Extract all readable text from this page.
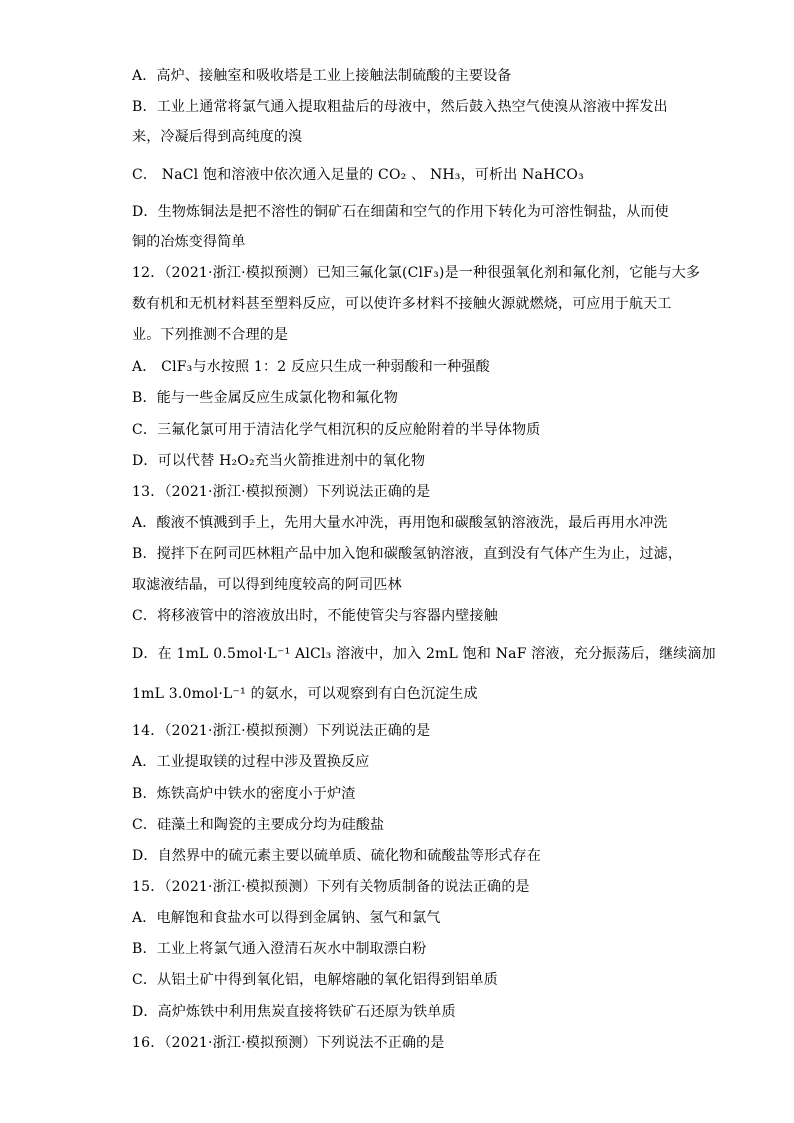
A．高炉、接触室和吸收塔是工业上接触法制硫酸的主要设备
B．工业上通常将氯气通入提取粗盐后的母液中，然后鼓入热空气使溴从溶液中挥发出
来，冷凝后得到高纯度的溴
C． NaCl 饱和溶液中依次通入足量的 CO₂ 、 NH₃，可析出 NaHCO₃
D．生物炼铜法是把不溶性的铜矿石在细菌和空气的作用下转化为可溶性铜盐，从而使
铜的冶炼变得简单
12．（2021·浙江·模拟预测）已知三氟化氯(ClF₃)是一种很强氧化剂和氟化剂，它能与大多
数有机和无机材料甚至塑料反应，可以使许多材料不接触火源就燃烧，可应用于航天工
业。下列推测不合理的是
A． ClF₃与水按照 1：2 反应只生成一种弱酸和一种强酸
B．能与一些金属反应生成氯化物和氟化物
C．三氟化氯可用于清洁化学气相沉积的反应舱附着的半导体物质
D．可以代替 H₂O₂充当火箭推进剂中的氧化物
13．（2021·浙江·模拟预测）下列说法正确的是
A．酸液不慎溅到手上，先用大量水冲洗，再用饱和碳酸氢钠溶液洗，最后再用水冲洗
B．搅拌下在阿司匹林粗产品中加入饱和碳酸氢钠溶液，直到没有气体产生为止，过滤，
取滤液结晶，可以得到纯度较高的阿司匹林
C．将移液管中的溶液放出时，不能使管尖与容器内壁接触
D．在 1mL 0.5mol·L⁻¹ AlCl₃ 溶液中，加入 2mL 饱和 NaF 溶液，充分振荡后，继续滴加
1mL 3.0mol·L⁻¹ 的氨水，可以观察到有白色沉淀生成
14．（2021·浙江·模拟预测）下列说法正确的是
A．工业提取镁的过程中涉及置换反应
B．炼铁高炉中铁水的密度小于炉渣
C．硅藻土和陶瓷的主要成分均为硅酸盐
D．自然界中的硫元素主要以硫单质、硫化物和硫酸盐等形式存在
15．（2021·浙江·模拟预测）下列有关物质制备的说法正确的是
A．电解饱和食盐水可以得到金属钠、氢气和氯气
B．工业上将氯气通入澄清石灰水中制取漂白粉
C．从铝土矿中得到氧化铝，电解熔融的氧化铝得到铝单质
D．高炉炼铁中利用焦炭直接将铁矿石还原为铁单质
16．（2021·浙江·模拟预测）下列说法不正确的是
